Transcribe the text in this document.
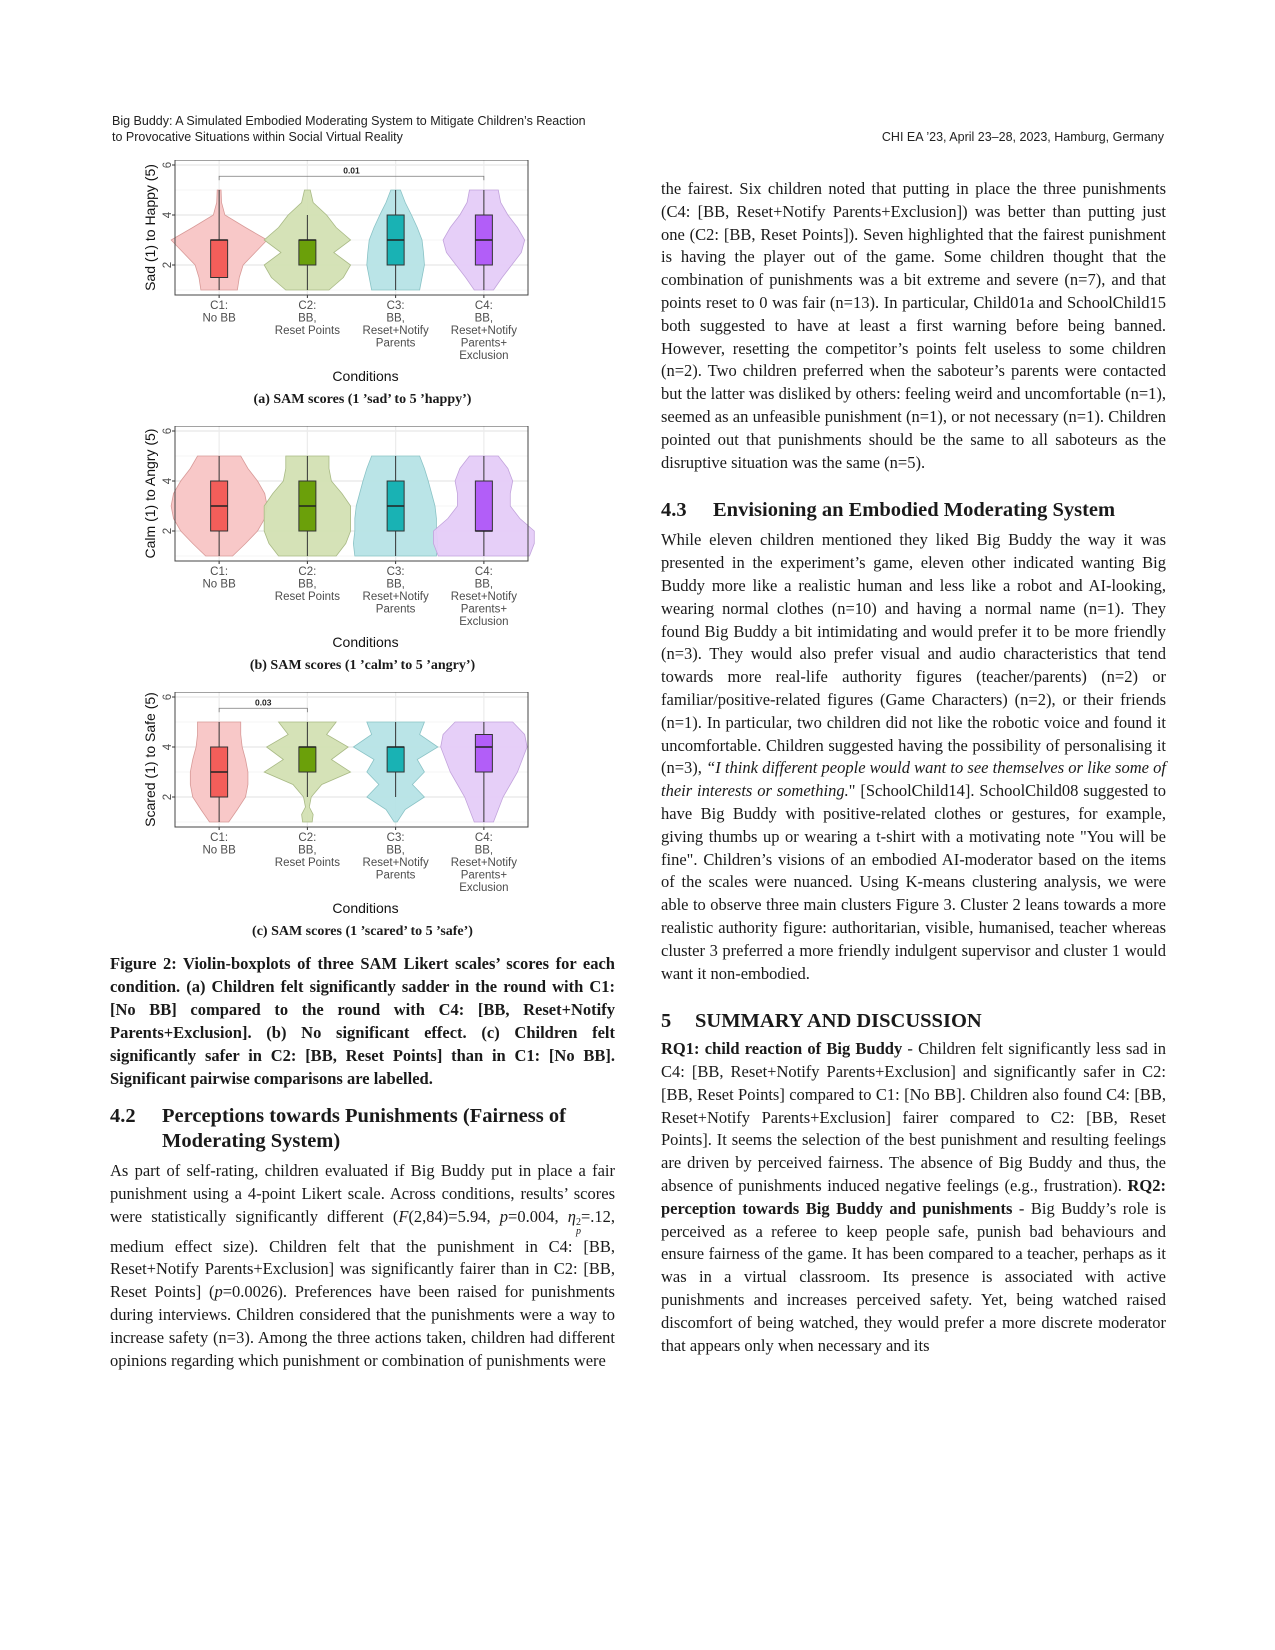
Big Buddy: A Simulated Embodied Moderating System to Mitigate Children’s Reaction
to Provocative Situations within Social Virtual Reality	CHI EA ’23, April 23–28, 2023, Hamburg, Germany
C1:
No BB
C2:
BB,
Reset Points
C3:
BB,
Reset+Notify
Parents
C4:
BB,
Reset+Notify
Parents+
Exclusion
0.01
2
4
6
Sad (1) to Happy (5)
Conditions
(a) SAM scores (1 ’sad’ to 5 ’happy’)
C1:
No BB
C2:
BB,
Reset Points
C3:
BB,
Reset+Notify
Parents
C4:
BB,
Reset+Notify
Parents+
Exclusion
2
4
6
Calm (1) to Angry (5)
Conditions
(b) SAM scores (1 ’calm’ to 5 ’angry’)
C1:
No BB
C2:
BB,
Reset Points
C3:
BB,
Reset+Notify
Parents
C4:
BB,
Reset+Notify
Parents+
Exclusion
0.03
2
4
6
Scared (1) to Safe (5)
Conditions
(c) SAM scores (1 ’scared’ to 5 ’safe’)
Figure 2: Violin-boxplots of three SAM Likert scales’ scores for each condition. (a) Children felt significantly sadder in the round with C1: [No BB] compared to the round with C4: [BB, Reset+Notify Parents+Exclusion]. (b) No significant effect. (c) Children felt significantly safer in C2: [BB, Reset Points] than in C1: [No BB]. Significant pairwise comparisons are labelled.
4.2	Perceptions towards Punishments (Fairness of Moderating System)

As part of self-rating, children evaluated if Big Buddy put in place a fair punishment using a 4-point Likert scale. Across conditions, results’ scores were statistically significantly different (F(2,84)=5.94, p=0.004, η 2
p
=.12, medium effect size). Children felt that the punishment in C4: [BB, Reset+Notify Parents+Exclusion] was significantly fairer than in C2: [BB, Reset Points] (p=0.0026). Preferences have been raised for punishments during interviews. Children considered that the punishments were a way to increase safety (n=3). Among the three actions taken, children had different opinions regarding which punishment or combination of punishments were

the fairest. Six children noted that putting in place the three punishments (C4: [BB, Reset+Notify Parents+Exclusion]) was better than putting just one (C2: [BB, Reset Points]). Seven highlighted that the fairest punishment is having the player out of the game. Some children thought that the combination of punishments was a bit extreme and severe (n=7), and that points reset to 0 was fair (n=13). In particular, Child01a and SchoolChild15 both suggested to have at least a first warning before being banned. However, resetting the competitor’s points felt useless to some children (n=2). Two children preferred when the saboteur’s parents were contacted but the latter was disliked by others: feeling weird and uncomfortable (n=1), seemed as an unfeasible punishment (n=1), or not necessary (n=1). Children pointed out that punishments should be the same to all saboteurs as the disruptive situation was the same (n=5).

4.3	Envisioning an Embodied Moderating System

While eleven children mentioned they liked Big Buddy the way it was presented in the experiment’s game, eleven other indicated wanting Big Buddy more like a realistic human and less like a robot and AI-looking, wearing normal clothes (n=10) and having a normal name (n=1). They found Big Buddy a bit intimidating and would prefer it to be more friendly (n=3). They would also prefer visual and audio characteristics that tend towards more real-life authority figures (teacher/parents) (n=2) or familiar/positive-related figures (Game Characters) (n=2), or their friends (n=1). In particular, two children did not like the robotic voice and found it uncomfortable. Children suggested having the possibility of personalising it (n=3), “I think different people would want to see themselves or like some of their interests or something." [SchoolChild14]. SchoolChild08 suggested to have Big Buddy with positive-related clothes or gestures, for example, giving thumbs up or wearing a t-shirt with a motivating note "You will be fine". Children’s visions of an embodied AI-moderator based on the items of the scales were nuanced. Using K-means clustering analysis, we were able to observe three main clusters Figure 3. Cluster 2 leans towards a more realistic authority figure: authoritarian, visible, humanised, teacher whereas cluster 3 preferred a more friendly indulgent supervisor and cluster 1 would want it non-embodied.

5	SUMMARY AND DISCUSSION

RQ1: child reaction of Big Buddy - Children felt significantly less sad in C4: [BB, Reset+Notify Parents+Exclusion] and significantly safer in C2: [BB, Reset Points] compared to C1: [No BB]. Children also found C4: [BB, Reset+Notify Parents+Exclusion] fairer compared to C2: [BB, Reset Points]. It seems the selection of the best punishment and resulting feelings are driven by perceived fairness. The absence of Big Buddy and thus, the absence of punishments induced negative feelings (e.g., frustration). RQ2: perception towards Big Buddy and punishments - Big Buddy’s role is perceived as a referee to keep people safe, punish bad behaviours and ensure fairness of the game. It has been compared to a teacher, perhaps as it was in a virtual classroom. Its presence is associated with active punishments and increases perceived safety. Yet, being watched raised discomfort of being watched, they would prefer a more discrete moderator that appears only when necessary and its
